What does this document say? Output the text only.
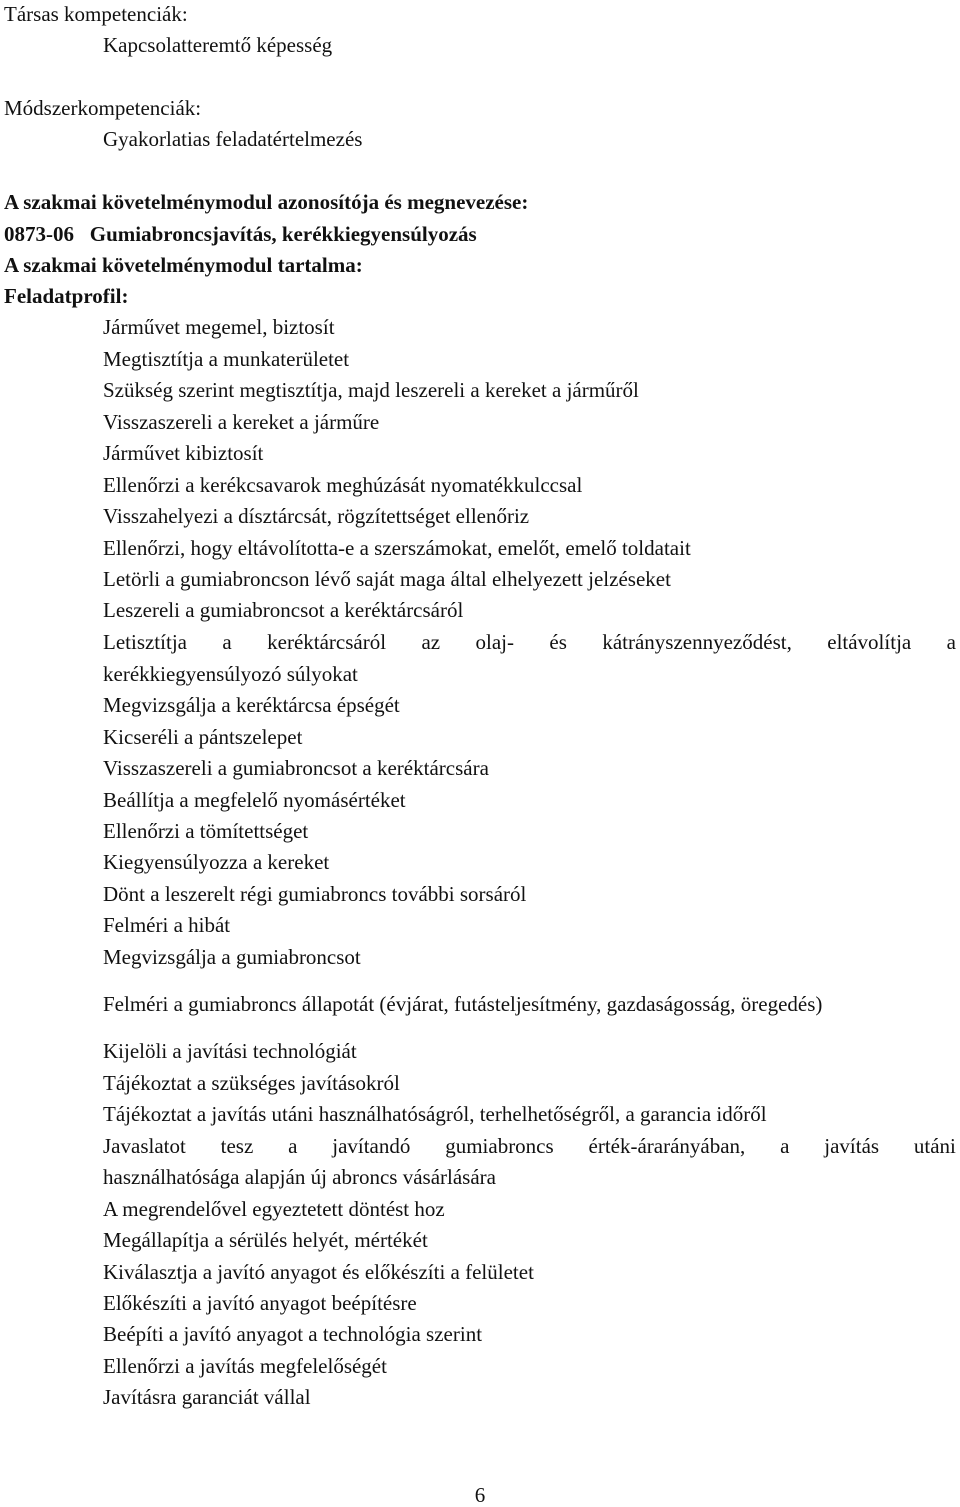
Társas kompetenciák:
Kapcsolatteremtő képesség
Módszerkompetenciák:
Gyakorlatias feladatértelmezés
A szakmai követelménymodul azonosítója és megnevezése:
0873-06   Gumiabroncsjavítás, kerékkiegyensúlyozás
A szakmai követelménymodul tartalma:
Feladatprofil:
Járművet megemel, biztosít
Megtisztítja a munkaterületet
Szükség szerint megtisztítja, majd leszereli a kereket a járműről
Visszaszereli a kereket a járműre
Járművet kibiztosít
Ellenőrzi a kerékcsavarok meghúzását nyomatékkulccsal
Visszahelyezi a dísztárcsát, rögzítettséget ellenőriz
Ellenőrzi, hogy eltávolította-e a szerszámokat, emelőt, emelő toldatait
Letörli a gumiabroncson lévő saját maga által elhelyezett jelzéseket
Leszereli a gumiabroncsot a keréktárcsáról
Letisztítja a keréktárcsáról az olaj- és kátrányszennyeződést, eltávolítja a
kerékkiegyensúlyozó súlyokat
Megvizsgálja a keréktárcsa épségét
Kicseréli a pántszelepet
Visszaszereli a gumiabroncsot a keréktárcsára
Beállítja a megfelelő nyomásértéket
Ellenőrzi a tömítettséget
Kiegyensúlyozza a kereket
Dönt a leszerelt régi gumiabroncs további sorsáról
Felméri a hibát
Megvizsgálja a gumiabroncsot
Felméri a gumiabroncs állapotát (évjárat, futásteljesítmény, gazdaságosság, öregedés)
Kijelöli a javítási technológiát
Tájékoztat a szükséges javításokról
Tájékoztat a javítás utáni használhatóságról, terhelhetőségről, a garancia időről
Javaslatot tesz a javítandó gumiabroncs érték-árarányában, a javítás utáni
használhatósága alapján új abroncs vásárlására
A megrendelővel egyeztetett döntést hoz
Megállapítja a sérülés helyét, mértékét
Kiválasztja a javító anyagot és előkészíti a felületet
Előkészíti a javító anyagot beépítésre
Beépíti a javító anyagot a technológia szerint
Ellenőrzi a javítás megfelelőségét
Javításra garanciát vállal
6
